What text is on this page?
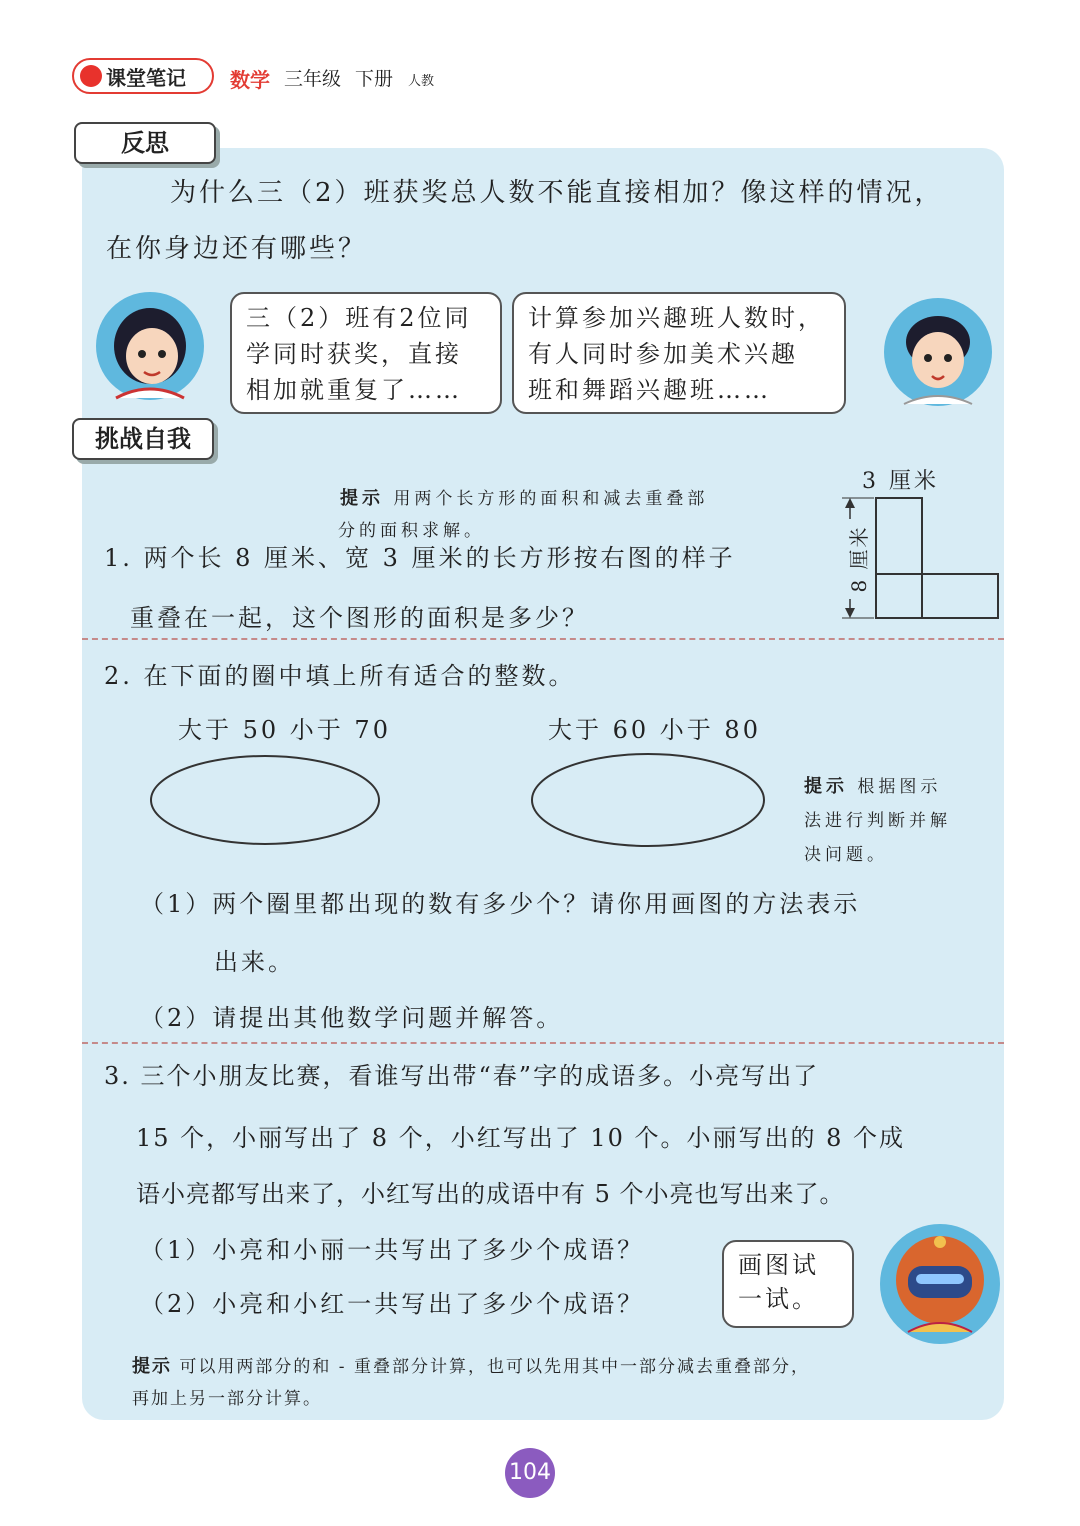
课堂笔记 数学 三年级 下册 人教
反思
为什么三（2）班获奖总人数不能直接相加？像这样的情况，
在你身边还有哪些？
三（2）班有2位同
学同时获奖，直接
相加就重复了……
计算参加兴趣班人数时，
有人同时参加美术兴趣
班和舞蹈兴趣班……
挑战自我
提示 用两个长方形的面积和减去重叠部
分的面积求解。
1. 两个长 8 厘米、宽 3 厘米的长方形按右图的样子
重叠在一起，这个图形的面积是多少？
3 厘米
8 厘米
2. 在下面的圈中填上所有适合的整数。
大于 50 小于 70	大于 60 小于 80
提示 根据图示
法进行判断并解
决问题。
（1）两个圈里都出现的数有多少个？请你用画图的方法表示
出来。
（2）请提出其他数学问题并解答。
3. 三个小朋友比赛，看谁写出带“春”字的成语多。小亮写出了
15 个，小丽写出了 8 个，小红写出了 10 个。小丽写出的 8 个成
语小亮都写出来了，小红写出的成语中有 5 个小亮也写出来了。
（1）小亮和小丽一共写出了多少个成语？
（2）小亮和小红一共写出了多少个成语？
画图试
一试。
提示 可以用两部分的和 - 重叠部分计算，也可以先用其中一部分减去重叠部分，
再加上另一部分计算。
104
